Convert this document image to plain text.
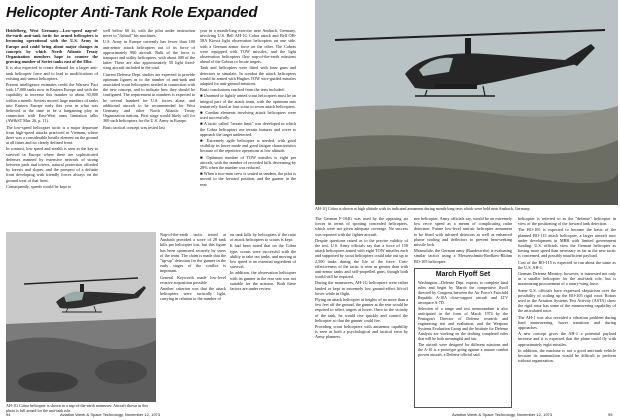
Helicopter Anti-Tank Role Expanded

Heidelberg, West Germany—Low-speed nap-of-the-earth anti-tank tactic for armed helicopters is becoming operational with the U.S. Army in Europe and could bring about major changes in concepts by which North Atlantic Treaty Organization members hope to counter the growing number of Soviet tanks east of the Elbe.

It is also expected to create demand for a larger anti-tank helicopter force and to lead to modifications of existing anti-armor helicopters.

Present intelligence estimates credit the Warsaw Pact with 17,000 tanks now in Eastern Europe and with the capability to increase this number to about 30,000 within a month. Soviets moved large numbers of tanks into Eastern Europe early this year in what was believed at the time to be a bargaining ploy in connection with East-West arms limitation talks (AW&ST Mar. 26, p. 11).

The low-speed helicopter tactic is a major departure from high-speed attacks practiced in Vietnam, where there was a considerable hostile element on the ground at all times and no clearly defined front.

In contrast, low speed and stealth is seen as the key to survival in Europe where there are sophisticated defenses manned by extensive network of strong between pads and towers, natural protection afforded by forests and slopes, and the prospect of a definite front developing with friendly forces always on the ground west of that front.

Consequently, speeds would be kept to

well below 60 kt, with the pilot under instruction never to "fishtail" his machines.

U.S. Army in Europe currently has fewer than 100 anti-armor attack helicopters out of its force of approximately 900 aircraft. Bulk of the force is transport and utility helicopters, with about 400 of the latter. There are also approximately 50 light fixed-wing aircraft included in the total.

Current Defense Dept. studies are expected to provide optimum figures as to the number of anti-tank and associated scout helicopters needed in connection with the new concept, and to indicate how they should be configured. The requirement in numbers is expected to be several hundred for U.S. forces alone, and additional aircraft to be recommended for West Germany and other North Atlantic Treaty Organization nations. First stage would likely call for 300 such helicopters for the U.S. Army in Europe.

Basic tactical concept was tested last

year in a month-long exercise near Ansbach, Germany, involving U.S. Bell AH-1G Cobra attack and Bell OH-58A Kiowa light observation helicopters on one side, with a German armor force on the other. The Cobras were equipped with TOW missiles, and the light observation helicopters flew nap-of-the-earth missions ahead of the Cobras to locate targets.

Tank and helicopters were fitted with laser guns and detectors to simulate. In combat the attack helicopters would be armed with Hughes TOW wire-guided missiles adapted for anti-ground missions.

Basic conclusions reached from the tests included:

■ Unarmed or lightly armed scout helicopters must be an integral part of the attack team, with the optimum mix tentatively fixed at four scout to seven attack helicopters.

■ Combat elements involving attack helicopters were used successfully.

■ A tactic called "terrain limit" was developed in which the Cobra helicopters use terrain features and cover to approach the target undetected.

■ Extremely agile helicopter is needed, with good visibility in lower mode and good fatigue characteristics because of the repetitive operations at low altitude.

■ Optimum number of TOW missiles is eight per aircraft, with the number of recorded kills decreasing by 28% when the number was reduced.

■ When a two-man crew is seated in tandem, the pilot is moved to the forward position, and the gunner in the rear.

AH-1G Cobra helicopter is shown in a nap-of-the-earth maneuver. Aircraft shown in this photo is full armed for the anti-tank role.

Nap-of-the-earth tactic tested at Ansbach provided a score of 28 tank kills per helicopter lost, but this figure has been sponsored securely by users of the team. The claim is made that the "tip-up" detection for the gunner in the early stages of the conflict is important.

General Keyworth made low-level evasive acquisition possible.

Another criterion was that the attack helicopters were tactically light, carrying in relation to the number of

on tank kills by helicopters if the ratio of attack helicopters to scouts is kept.

It had been noted that on the Cobra type, scouts were successful with the ability to take out tanks, and moving at low speed is an essential ingredient of survival.

In addition, the observation helicopter with its gunner in the rear seat was not suitable for the mission. Both these factors are under review.

94	Aviation Week & Space Technology, November 12, 1973
AH-1Q Cobra is shown at high altitude with its indicated armament during month-long tests which were held near Ansbach, Germany.

The German F-104G was used by the opposing air forces in terms of spotting concealed helicopters, which were not given adequate coverage. No success was reported with the fighter aircraft.

Despite questions raised as to the precise validity of the test, U.S. Army officials say that a force of 150 attack helicopters armed with eight TOW missiles each and supported by scout helicopters could take out up to 2,500 tanks during the life of the force. Cost-effectiveness of the tactic is seen as greater than with anti-armor tanks and self-propelled guns, though both would still be required.

During the maneuvers, AH-1G helicopters were rather landed or kept in extremely low ground-effect lift-off hover while in flight.

Flying an attack helicopter at heights of no more than a few feet off the ground, the gunner at the rear would be required to select targets at hover. Once in the vicinity of the tank, he would rise quickly and control the helicopter so that the gunner could fire.

Providing scout helicopters with antiarmor capability is seen as both a psychological and tactical error by Army planners.

nee helicopter, Army officials say, would be an extremely low recce speed as a means of complicating radar detection. Future low-level anti-air helicopter armament to be fitted with infrared detectors as well as enhanced plume cooling and deflectors to prevent heat-seeking missile lock.

Meanwhile, the German army (Bundeswehr) is evaluating similar tactics using a Messerschmitt-Boelkow-Blohm BO-105 helicopter.

March Flyoff Set

Washington—Defense Dept. expects to complete final rules and begin by March the competitive flyoff directed by Congress between the Air Force's Fairchild Republic A-10A close-support aircraft and LTV aerospace A-7D.

Selection of a range and test memorandum is also anticipated in the form of March 1974 by the Pentagon's Director of Defense research and engineering test and evaluation, and the Weapons Systems Evaluation Group and the Institute for Defense Analysis are working on the drafting completed rules that will be both meaningful and fair.

The aircraft were designed for different missions and the A-10 is a prototype going against a mature combat proven aircraft, a Defense official said.

helicopter is referred to as the "defense" helicopter in view of the positioning of the forward tank detection.

The BO-105 is expected to become the basis of the planned BO-115 attack helicopter, a larger aircraft now under development in MBB with limited government funding. U.S. officials view the German helicopter as having more speed than necessary as far as the new tactic is concerned, and possibly insufficient payload.

Cost of the BO-115 is expected to run about the same as the U.S. AH-1.

German Defense Ministry, however, is interested not only in a smaller helicopter for the anti-tank role, but is maximizing procurement of a rotary-wing force.

Some U.S. officials have expressed skepticism over the possibility of scaling up the BO-105 rigid rotor. Rotors used in the Aviation Systems Test Activity (ASTA) show the rigid rotor has some of the maneuvering capability of the articulated rotor.

The AH-1 was also revealed a vibration problem during hard maneuvering, hover transition and during approaches.

A new concept gives the AH-1 a potential payload increase and it is expected that the plane could fly with approximately eight missiles.

In addition, the machine is not a good anti-tank vehicle because its ammunition would be difficult to perform without organization.

Aviation Week & Space Technology, November 12, 1973	95
